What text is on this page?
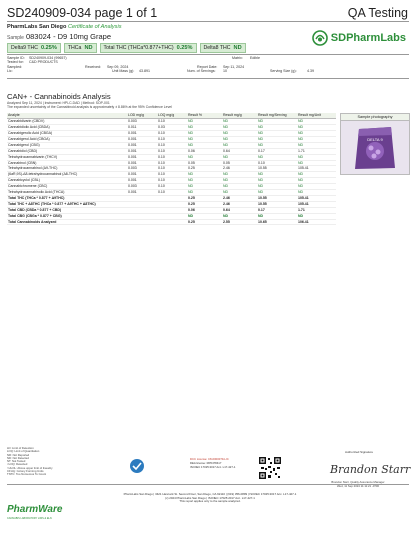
SD240909-034 page 1 of 1	QA Testing
PharmLabs San Diego Certificate of Analysis
Sample 083024 - D9 10mg Grape
Delta9 THC 0.25% THCa ND Total THC (THCa*0.877+THC) 0.25% Delta8 THC ND
SDPharmLabs
Sample ID: SD240909-034 (99657)	Matrix: Edible
Tested for: C&D PRODUCTS
Sampled:	Received: Sep 09, 2024	Report Date: Sep 11, 2024
Lic:	Unit Mass (g): 43.891	Num. of Servings: 10	Serving Size (g):	4.39
CAN+ - Cannabinoids Analysis
Analyzed Sep 11, 2024 | Instrument: HPLC-DAD | Method: SOP-001
The expanded uncertainty of the Cannabinoid analysis is approximately ± 8.86% at the 95% Confidence Level
Analyte	LOD mg/g	LOQ mg/g	Result %	Result mg/g	Result mg/Serving	Result mg/Unit
Cannabidivarin (CBDV)	0.003	0.10	ND	ND	ND	ND
Cannabidiolic Acid (CBDA)	0.011	0.03	ND	ND	ND	ND
Cannabigerolic Acid (CBGA)	0.001	0.10	ND	ND	ND	ND
Cannabigerol Acid (CBGA)	0.001	0.10	ND	ND	ND	ND
Cannabigerol (CBG)	0.001	0.10	ND	ND	ND	ND
Cannabidiol (CBD)	0.001	0.10	0.06	0.64	0.17	1.71
Tetrahydrocannabivarin (THCV)	0.001	0.10	ND	ND	ND	ND
Cannabinol (CBN)	0.001	0.10	0.05	0.05	0.10	ND
Tetrahydrocannabinol (Δ9-THC)	0.003	0.10	0.25	2.46	10.55	105.41
(6aR,9S)-Δ8-tetrahydrocannabinol (Δ8-THC)	0.001	0.10	ND	ND	ND	ND
Cannabicyclol (CBL)	0.001	0.10	ND	ND	ND	ND
Cannabichromene (CBC)	0.003	0.10	ND	ND	ND	ND
Tetrahydrocannabinolic Acid (THCA)	0.001	0.10	ND	ND	ND	ND
Total THC (THCa * 0.877 + Δ9THC)			0.25	2.46	10.55	105.41
Total THC + Δ8THC (THCa * 0.877 + Δ9THC + Δ8THC)			0.25	2.46	10.55	105.41
Total CBD (CBDa * 0.877 + CBD)			0.06	0.64	0.17	1.71
Total CBG (CBGa * 0.877 + CBG)			ND	ND	ND	ND
Total Cannabinoids Analyzed			0.25	2.55	10.65	106.41
Sample photography
DELTA 9
LD: Limit of Detection
LOQ: Limit of Quantitation
NR: Not Reported
ND: Not Detected
NT: Not Tested
<LOQ: Detected
>ULOL: Above upper limit of linearity
CFU/g: Colony Forming Units
TNTC: Too Numerous To Count
DCC License: C8-0000079-LIC
DEA license: RP0478417
ISO/IEC 17025:2017 Acc. L17-427-1
Authorized Signature
Brandon Starr
Brandon Starr, Quality Assurance Manager
Wed, 11 Sep 2024 11:11:21 -0700
PharmLabs San Diego | 3421 Hancock St. Second Floor, San Diego, CA 92110 | (619) 356-0899 | ISO/IEC 17025:2017 Acc. L17-427-1
(c) 2024 PharmLabs San Diego | ISO/IEC 17025:2017 Acc. L17-427-1
This report applies only to the sample analyzed.
PharmWare
CANNABIS LABORATORY LIMS & ELN
